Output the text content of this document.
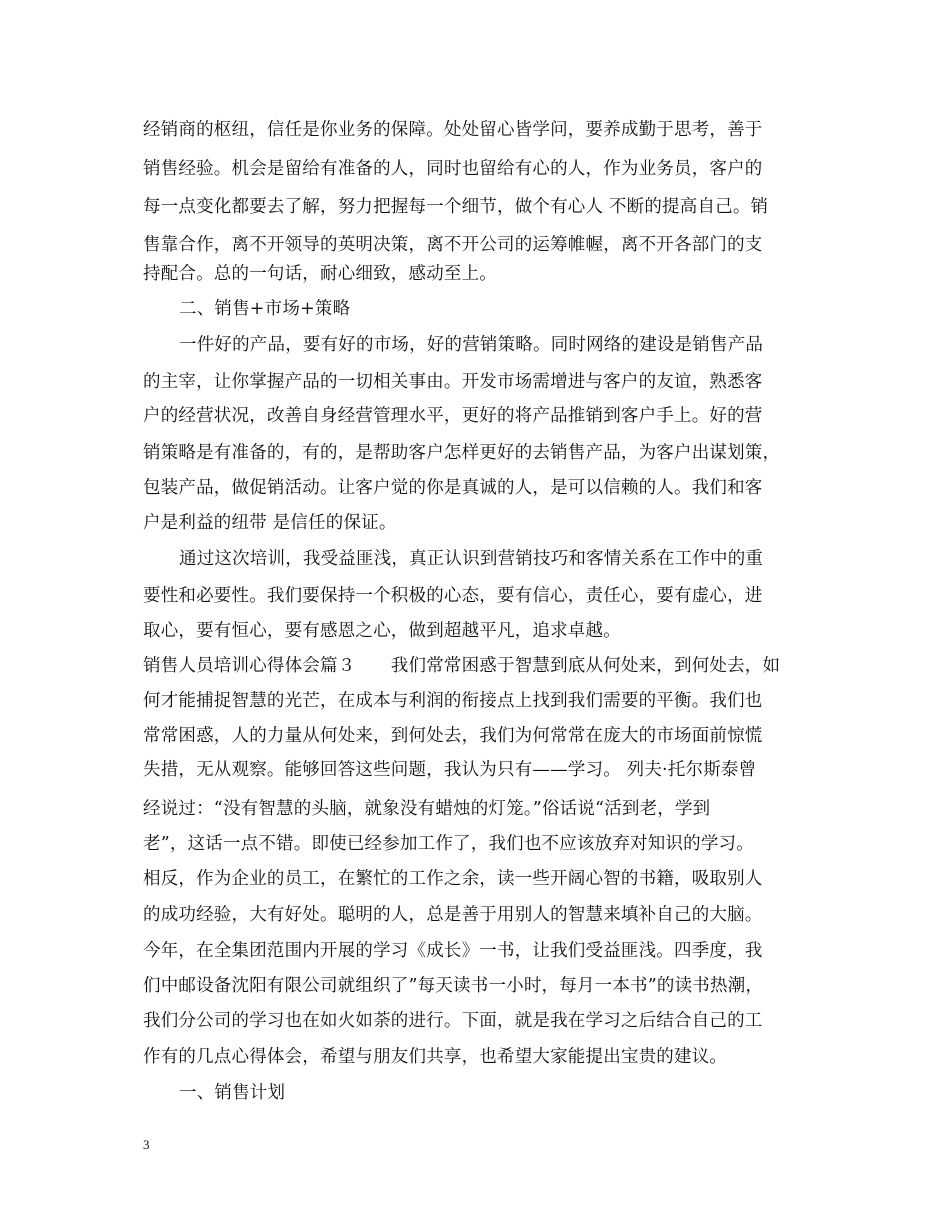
经销商的枢纽，信任是你业务的保障。处处留心皆学问，要养成勤于思考，善于
销售经验。机会是留给有准备的人，同时也留给有心的人，作为业务员，客户的
每一点变化都要去了解，努力把握每一个细节，做个有心人 不断的提高自己。销
售靠合作，离不开领导的英明决策，离不开公司的运筹帷幄，离不开各部门的支
持配合。总的一句话，耐心细致，感动至上。
二、销售+市场+策略
一件好的产品，要有好的市场，好的营销策略。同时网络的建设是销售产品
的主宰，让你掌握产品的一切相关事由。开发市场需增进与客户的友谊，熟悉客
户的经营状况，改善自身经营管理水平，更好的将产品推销到客户手上。好的营
销策略是有准备的，有的，是帮助客户怎样更好的去销售产品，为客户出谋划策，
包装产品，做促销活动。让客户觉的你是真诚的人，是可以信赖的人。我们和客
户是利益的纽带 是信任的保证。
通过这次培训，我受益匪浅，真正认识到营销技巧和客情关系在工作中的重
要性和必要性。我们要保持一个积极的心态，要有信心，责任心，要有虚心，进
取心，要有恒心，要有感恩之心，做到超越平凡，追求卓越。
销售人员培训心得体会篇３　　我们常常困惑于智慧到底从何处来，到何处去，如
何才能捕捉智慧的光芒，在成本与利润的衔接点上找到我们需要的平衡。我们也
常常困惑，人的力量从何处来，到何处去，我们为何常常在庞大的市场面前惊慌
失措，无从观察。能够回答这些问题，我认为只有——学习。 列夫·托尔斯泰曾
经说过：“没有智慧的头脑，就象没有蜡烛的灯笼。”俗话说“活到老，学到
老”，这话一点不错。即使已经参加工作了，我们也不应该放弃对知识的学习。
相反，作为企业的员工，在繁忙的工作之余，读一些开阔心智的书籍，吸取别人
的成功经验，大有好处。聪明的人，总是善于用别人的智慧来填补自己的大脑。
今年，在全集团范围内开展的学习《成长》一书，让我们受益匪浅。四季度，我
们中邮设备沈阳有限公司就组织了”每天读书一小时，每月一本书”的读书热潮，
我们分公司的学习也在如火如荼的进行。下面，就是我在学习之后结合自己的工
作有的几点心得体会，希望与朋友们共享，也希望大家能提出宝贵的建议。
一、销售计划
3
